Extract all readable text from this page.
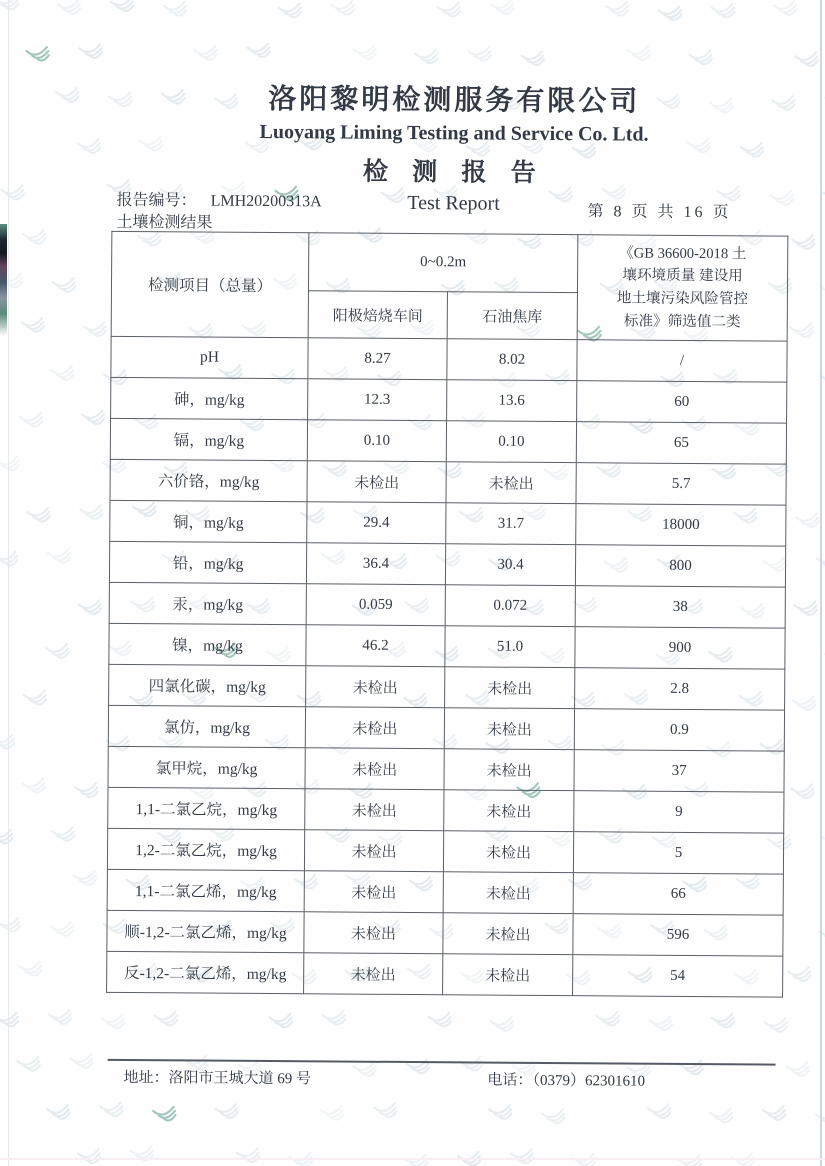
洛阳黎明检测服务有限公司
Luoyang Liming Testing and Service Co. Ltd.
检 测 报 告
Test Report
报告编号： LMH20200313A
土壤检测结果
第 8 页 共 16 页
检测项目（总量）	0~0.2m		《GB 36600-2018 土
壤环境质量 建设用
地土壤污染风险管控
标准》筛选值二类
	阳极焙烧车间	石油焦库	
pH	8.27	8.02	/
砷，mg/kg	12.3	13.6	60
镉，mg/kg	0.10	0.10	65
六价铬，mg/kg	未检出	未检出	5.7
铜，mg/kg	29.4	31.7	18000
铅，mg/kg	36.4	30.4	800
汞，mg/kg	0.059	0.072	38
镍，mg/kg	46.2	51.0	900
四氯化碳，mg/kg	未检出	未检出	2.8
氯仿，mg/kg	未检出	未检出	0.9
氯甲烷，mg/kg	未检出	未检出	37
1,1-二氯乙烷，mg/kg	未检出	未检出	9
1,2-二氯乙烷，mg/kg	未检出	未检出	5
1,1-二氯乙烯，mg/kg	未检出	未检出	66
顺-1,2-二氯乙烯，mg/kg	未检出	未检出	596
反-1,2-二氯乙烯，mg/kg	未检出	未检出	54
地址：洛阳市王城大道 69 号	电话：（0379）62301610
